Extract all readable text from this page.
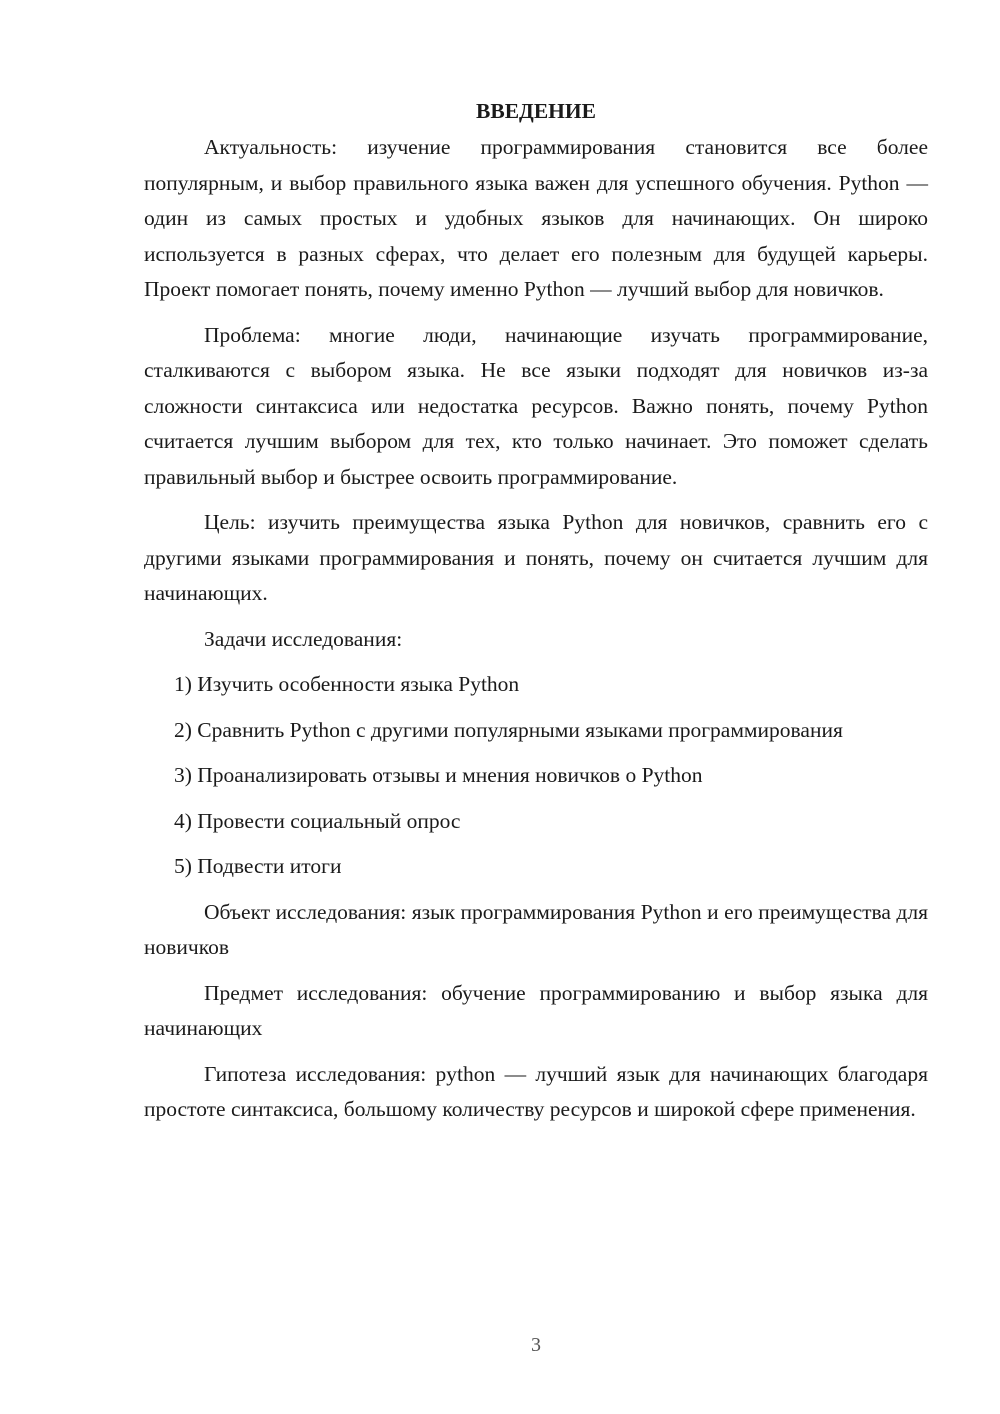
ВВЕДЕНИЕ

Актуальность: изучение программирования становится все более популярным, и выбор правильного языка важен для успешного обучения. Python — один из самых простых и удобных языков для начинающих. Он широко используется в разных сферах, что делает его полезным для будущей карьеры. Проект помогает понять, почему именно Python — лучший выбор для новичков.

Проблема: многие люди, начинающие изучать программирование, сталкиваются с выбором языка. Не все языки подходят для новичков из-за сложности синтаксиса или недостатка ресурсов. Важно понять, почему Python считается лучшим выбором для тех, кто только начинает. Это поможет сделать правильный выбор и быстрее освоить программирование.

Цель: изучить преимущества языка Python для новичков, сравнить его с другими языками программирования и понять, почему он считается лучшим для начинающих.

Задачи исследования:

1) Изучить особенности языка Python

2) Сравнить Python с другими популярными языками программирования

3) Проанализировать отзывы и мнения новичков о Python

4) Провести социальный опрос

5) Подвести итоги

Объект исследования: язык программирования Python и его преимущества для новичков

Предмет исследования: обучение программированию и выбор языка для начинающих

Гипотеза исследования: python — лучший язык для начинающих благодаря простоте синтаксиса, большому количеству ресурсов и широкой сфере применения.

3
